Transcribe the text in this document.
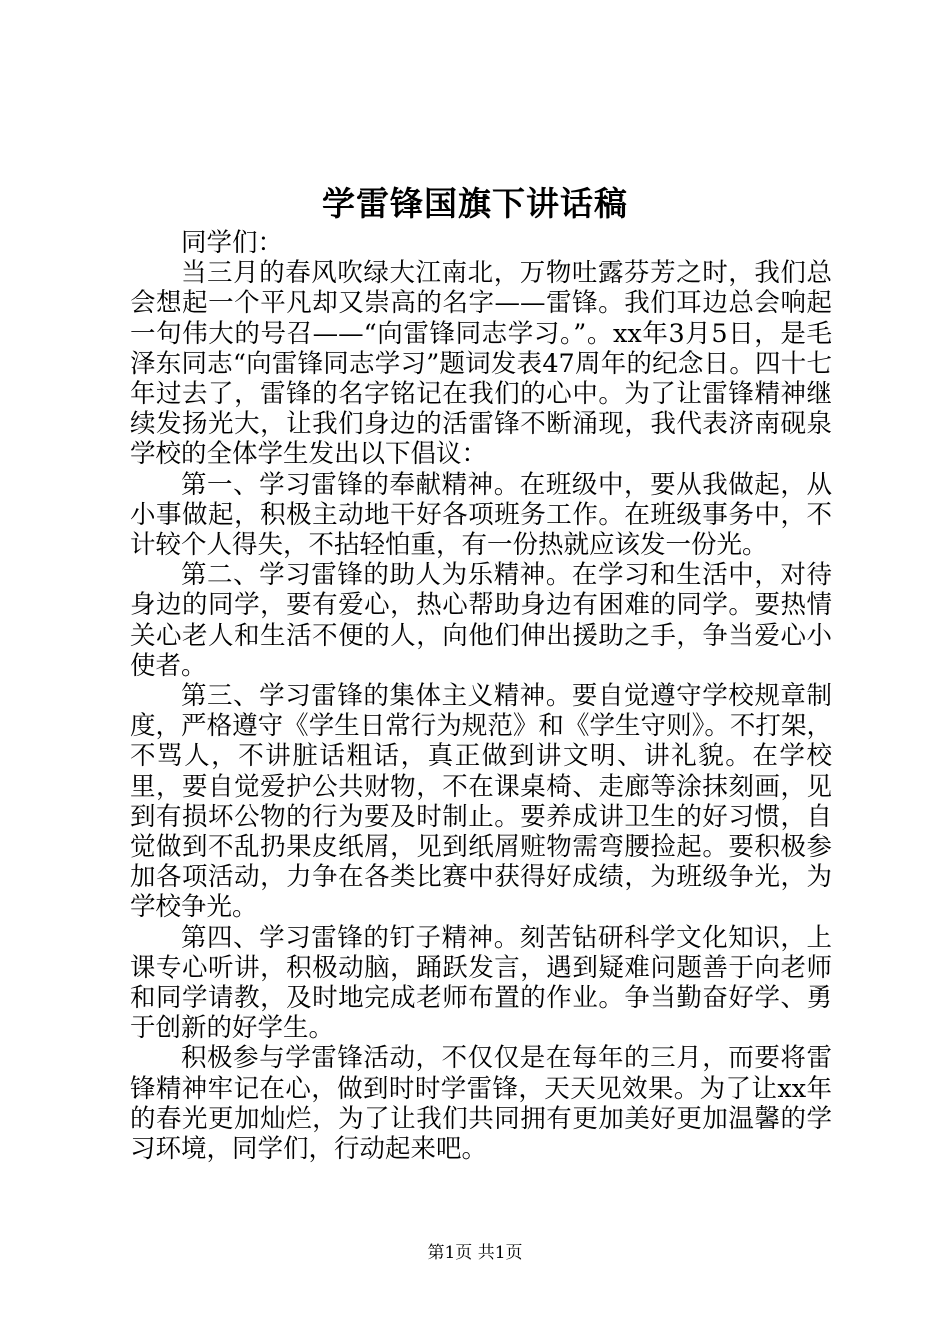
学雷锋国旗下讲话稿

同学们：

当三月的春风吹绿大江南北，万物吐露芬芳之时，我们总会想起一个平凡却又崇高的名字——雷锋。我们耳边总会响起一句伟大的号召——“向雷锋同志学习。”。xx年3月5日，是毛泽东同志“向雷锋同志学习”题词发表47周年的纪念日。四十七年过去了，雷锋的名字铭记在我们的心中。为了让雷锋精神继续发扬光大，让我们身边的活雷锋不断涌现，我代表济南砚泉学校的全体学生发出以下倡议：

第一、学习雷锋的奉献精神。在班级中，要从我做起，从小事做起，积极主动地干好各项班务工作。在班级事务中，不计较个人得失，不拈轻怕重，有一份热就应该发一份光。

第二、学习雷锋的助人为乐精神。在学习和生活中，对待身边的同学，要有爱心，热心帮助身边有困难的同学。要热情关心老人和生活不便的人，向他们伸出援助之手，争当爱心小使者。

第三、学习雷锋的集体主义精神。要自觉遵守学校规章制度，严格遵守《学生日常行为规范》和《学生守则》。不打架，不骂人，不讲脏话粗话，真正做到讲文明、讲礼貌。在学校里，要自觉爱护公共财物，不在课桌椅、走廊等涂抹刻画，见到有损坏公物的行为要及时制止。要养成讲卫生的好习惯，自觉做到不乱扔果皮纸屑，见到纸屑赃物需弯腰捡起。要积极参加各项活动，力争在各类比赛中获得好成绩，为班级争光，为学校争光。

第四、学习雷锋的钉子精神。刻苦钻研科学文化知识，上课专心听讲，积极动脑，踊跃发言，遇到疑难问题善于向老师和同学请教，及时地完成老师布置的作业。争当勤奋好学、勇于创新的好学生。

积极参与学雷锋活动，不仅仅是在每年的三月，而要将雷锋精神牢记在心，做到时时学雷锋，天天见效果。为了让xx年的春光更加灿烂，为了让我们共同拥有更加美好更加温馨的学习环境，同学们，行动起来吧。

第1页 共1页
